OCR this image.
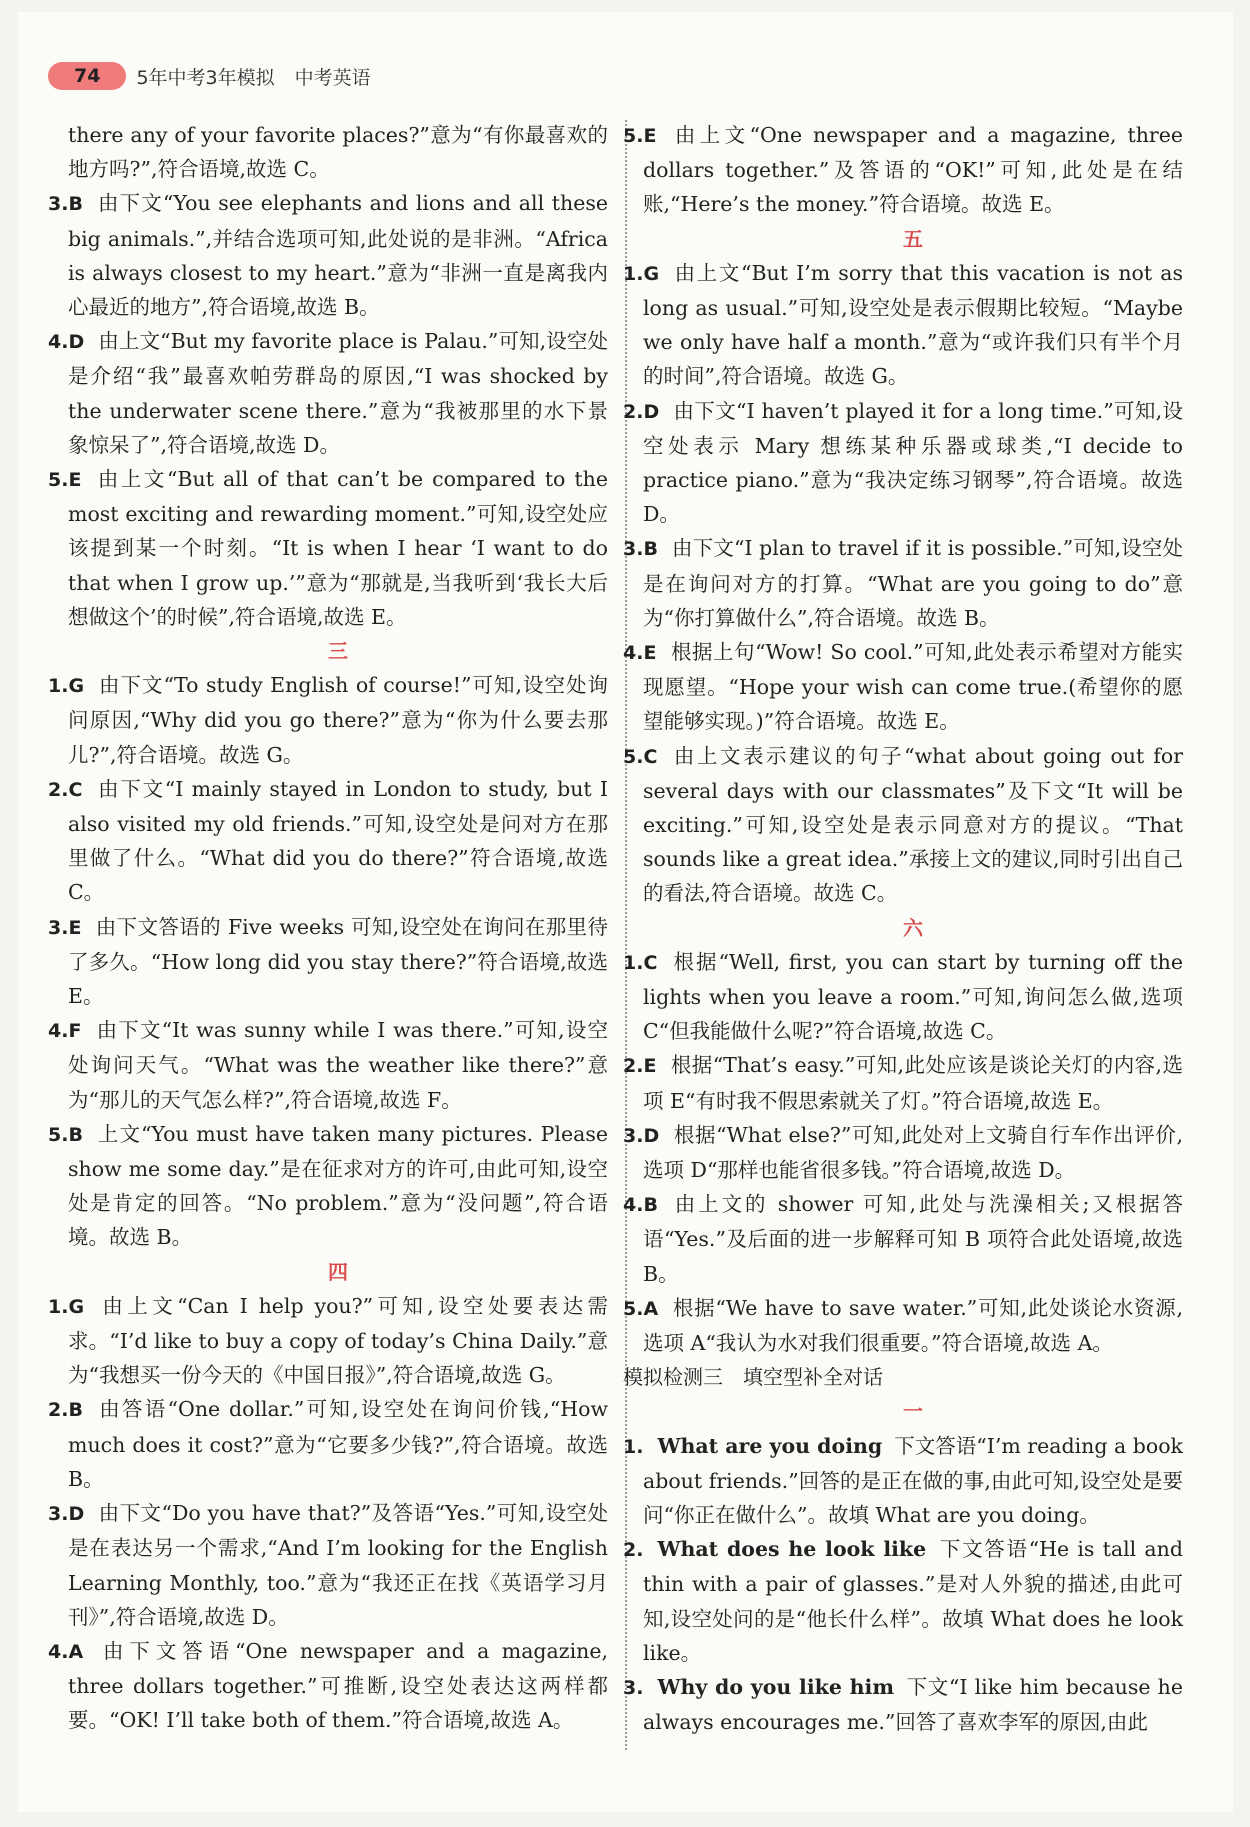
74	5年中考3年模拟 中考英语

there any of your favorite places?”意为“有你最喜欢的地方吗?”,符合语境,故选 C。

3.B 由下文“You see elephants and lions and all these big animals.”,并结合选项可知,此处说的是非洲。“Africa is always closest to my heart.”意为“非洲一直是离我内心最近的地方”,符合语境,故选 B。

4.D 由上文“But my favorite place is Palau.”可知,设空处是介绍“我”最喜欢帕劳群岛的原因,“I was shocked by the underwater scene there.”意为“我被那里的水下景象惊呆了”,符合语境,故选 D。

5.E 由上文“But all of that can’t be compared to the most exciting and rewarding moment.”可知,设空处应该提到某一个时刻。“It is when I hear ‘I want to do that when I grow up.’”意为“那就是,当我听到‘我长大后想做这个’的时候”,符合语境,故选 E。

三

1.G 由下文“To study English of course!”可知,设空处询问原因,“Why did you go there?”意为“你为什么要去那儿?”,符合语境。故选 G。

2.C 由下文“I mainly stayed in London to study, but I also visited my old friends.”可知,设空处是问对方在那里做了什么。“What did you do there?”符合语境,故选 C。

3.E 由下文答语的 Five weeks 可知,设空处在询问在那里待了多久。“How long did you stay there?”符合语境,故选 E。

4.F 由下文“It was sunny while I was there.”可知,设空处询问天气。“What was the weather like there?”意为“那儿的天气怎么样?”,符合语境,故选 F。

5.B 上文“You must have taken many pictures. Please show me some day.”是在征求对方的许可,由此可知,设空处是肯定的回答。“No problem.”意为“没问题”,符合语境。故选 B。

四

1.G 由上文“Can I help you?”可知,设空处要表达需求。“I’d like to buy a copy of today’s China Daily.”意为“我想买一份今天的《中国日报》”,符合语境,故选 G。

2.B 由答语“One dollar.”可知,设空处在询问价钱,“How much does it cost?”意为“它要多少钱?”,符合语境。故选 B。

3.D 由下文“Do you have that?”及答语“Yes.”可知,设空处是在表达另一个需求,“And I’m looking for the English Learning Monthly, too.”意为“我还正在找《英语学习月刊》”,符合语境,故选 D。

4.A 由下文答语“One newspaper and a magazine, three dollars together.”可推断,设空处表达这两样都要。“OK! I’ll take both of them.”符合语境,故选 A。

5.E 由上文“One newspaper and a magazine, three dollars together.”及答语的“OK!”可知,此处是在结账,“Here’s the money.”符合语境。故选 E。

五

1.G 由上文“But I’m sorry that this vacation is not as long as usual.”可知,设空处是表示假期比较短。“Maybe we only have half a month.”意为“或许我们只有半个月的时间”,符合语境。故选 G。

2.D 由下文“I haven’t played it for a long time.”可知,设空处表示 Mary 想练某种乐器或球类,“I decide to practice piano.”意为“我决定练习钢琴”,符合语境。故选 D。

3.B 由下文“I plan to travel if it is possible.”可知,设空处是在询问对方的打算。“What are you going to do”意为“你打算做什么”,符合语境。故选 B。

4.E 根据上句“Wow! So cool.”可知,此处表示希望对方能实现愿望。“Hope your wish can come true.(希望你的愿望能够实现。)”符合语境。故选 E。

5.C 由上文表示建议的句子“what about going out for several days with our classmates”及下文“It will be exciting.”可知,设空处是表示同意对方的提议。“That sounds like a great idea.”承接上文的建议,同时引出自己的看法,符合语境。故选 C。

六

1.C 根据“Well, first, you can start by turning off the lights when you leave a room.”可知,询问怎么做,选项 C“但我能做什么呢?”符合语境,故选 C。

2.E 根据“That’s easy.”可知,此处应该是谈论关灯的内容,选项 E“有时我不假思索就关了灯。”符合语境,故选 E。

3.D 根据“What else?”可知,此处对上文骑自行车作出评价,选项 D“那样也能省很多钱。”符合语境,故选 D。

4.B 由上文的 shower 可知,此处与洗澡相关;又根据答语“Yes.”及后面的进一步解释可知 B 项符合此处语境,故选 B。

5.A 根据“We have to save water.”可知,此处谈论水资源,选项 A“我认为水对我们很重要。”符合语境,故选 A。

模拟检测三　填空型补全对话
一

1. What are you doing 下文答语“I’m reading a book about friends.”回答的是正在做的事,由此可知,设空处是要问“你正在做什么”。故填 What are you doing。

2. What does he look like 下文答语“He is tall and thin with a pair of glasses.”是对人外貌的描述,由此可知,设空处问的是“他长什么样”。故填 What does he look like。

3. Why do you like him 下文“I like him because he always encourages me.”回答了喜欢李军的原因,由此
